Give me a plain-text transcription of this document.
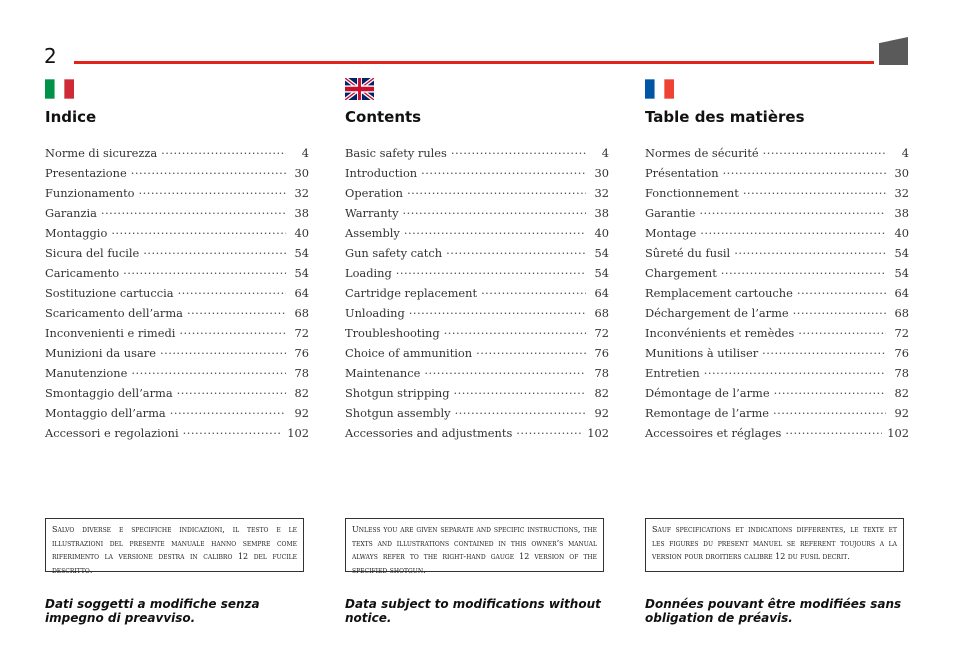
2
Indice
Norme di sicurezza .....	4
Presentazione .....	30
Funzionamento .....	32
Garanzia .....	38
Montaggio .....	40
Sicura del fucile .....	54
Caricamento .....	54
Sostituzione cartuccia .....	64
Scaricamento dell’arma .....	68
Inconvenienti e rimedi .....	72
Munizioni da usare .....	76
Manutenzione .....	78
Smontaggio dell’arma .....	82
Montaggio dell’arma .....	92
Accessori e regolazioni .....	102
Contents
Basic safety rules .....	4
Introduction .....	30
Operation .....	32
Warranty .....	38
Assembly .....	40
Gun safety catch .....	54
Loading .....	54
Cartridge replacement .....	64
Unloading .....	68
Troubleshooting .....	72
Choice of ammunition .....	76
Maintenance .....	78
Shotgun stripping .....	82
Shotgun assembly .....	92
Accessories and adjustments .....	102
Table des matières
Normes de sécurité .....	4
Présentation .....	30
Fonctionnement .....	32
Garantie .....	38
Montage .....	40
Sûreté du fusil .....	54
Chargement .....	54
Remplacement cartouche .....	64
Déchargement de l’arme .....	68
Inconvénients et remèdes .....	72
Munitions à utiliser .....	76
Entretien .....	78
Démontage de l’arme .....	82
Remontage de l’arme .....	92
Accessoires et réglages .....	102
Salvo diverse e specifiche indicazioni, il testo e le illustrazioni del presente manuale hanno sempre come riferimento la versione destra in calibro 12 del fucile descritto.
Unless you are given separate and specific instructions, the texts and illustrations contained in this owner’s manual always refer to the right-hand gauge 12 version of the specified shotgun.
Sauf specifications et indications differentes, le texte et les figures du present manuel se referent toujours a la version pour droitiers calibre 12 du fusil decrit.
Dati soggetti a modifiche senza impegno di preavviso.
Data subject to modifications without notice.
Données pouvant être modifiées sans obligation de préavis.
